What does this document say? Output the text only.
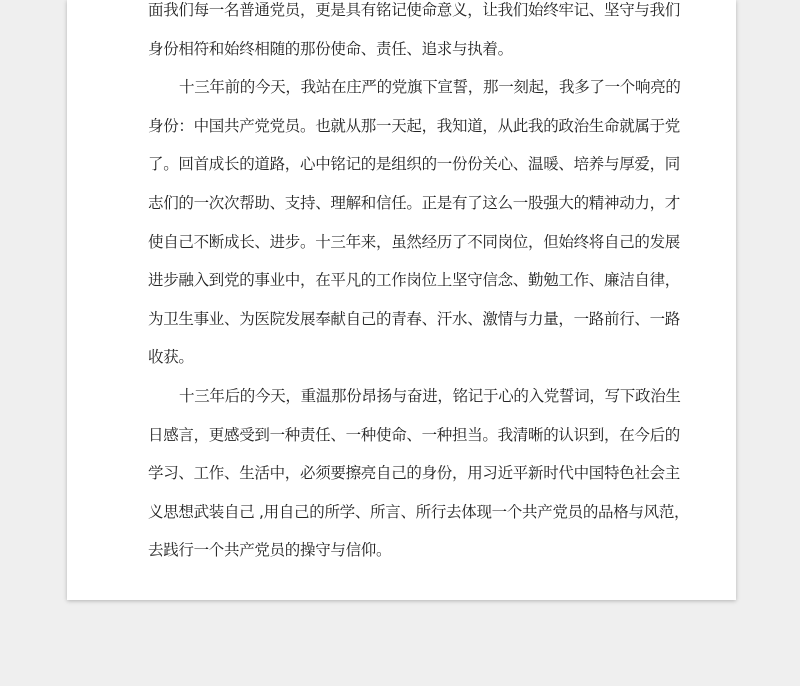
面我们每一名普通党员，更是具有铭记使命意义，让我们始终牢记、坚守与我们
身份相符和始终相随的那份使命、责任、追求与执着。
十三年前的今天，我站在庄严的党旗下宣誓，那一刻起，我多了一个响亮的
身份：中国共产党党员。也就从那一天起，我知道，从此我的政治生命就属于党
了。回首成长的道路，心中铭记的是组织的一份份关心、温暖、培养与厚爱，同
志们的一次次帮助、支持、理解和信任。正是有了这么一股强大的精神动力，才
使自己不断成长、进步。十三年来，虽然经历了不同岗位，但始终将自己的发展
进步融入到党的事业中，在平凡的工作岗位上坚守信念、勤勉工作、廉洁自律，
为卫生事业、为医院发展奉献自己的青春、汗水、激情与力量，一路前行、一路
收获。
十三年后的今天，重温那份昂扬与奋进，铭记于心的入党誓词，写下政治生
日感言，更感受到一种责任、一种使命、一种担当。我清晰的认识到，在今后的
学习、工作、生活中，必须要擦亮自己的身份，用习近平新时代中国特色社会主
义思想武装自己 ,用自己的所学、所言、所行去体现一个共产党员的品格与风范，
去践行一个共产党员的操守与信仰。
